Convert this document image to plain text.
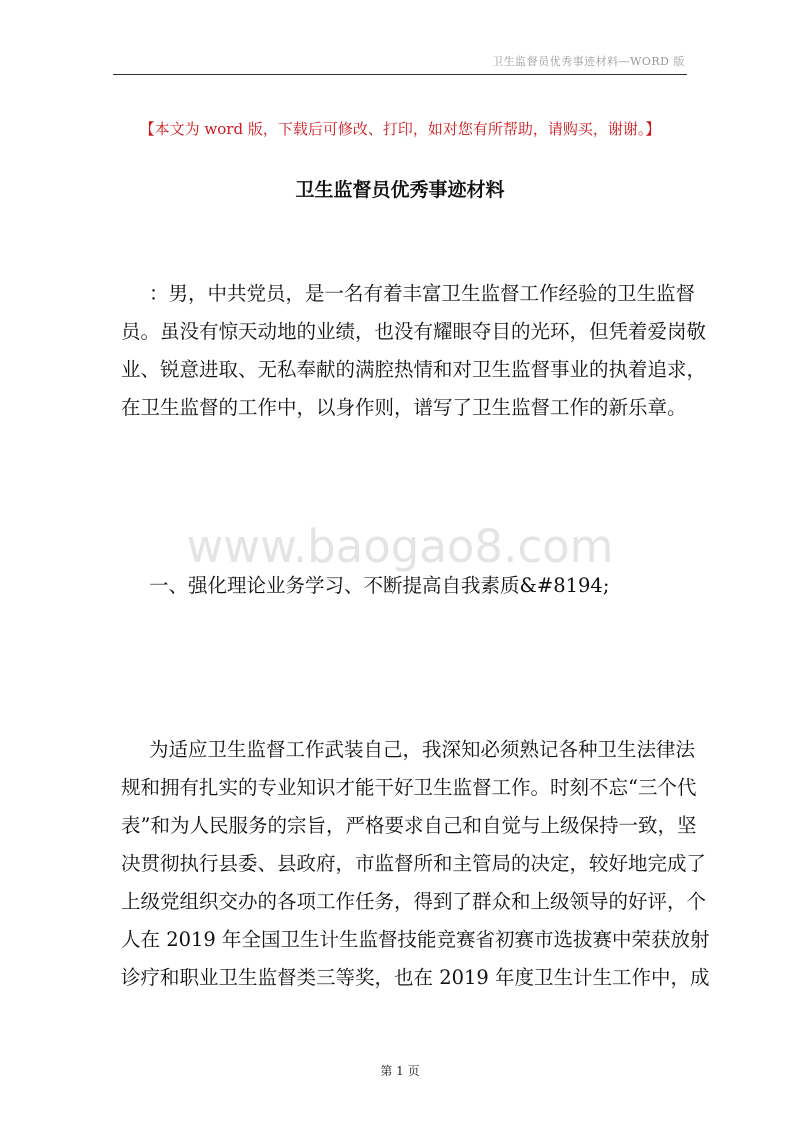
卫生监督员优秀事迹材料—WORD 版
【本文为 word 版，下载后可修改、打印，如对您有所帮助，请购买，谢谢。】
卫生监督员优秀事迹材料
：男，中共党员，是一名有着丰富卫生监督工作经验的卫生监督
员。虽没有惊天动地的业绩，也没有耀眼夺目的光环，但凭着爱岗敬
业、锐意进取、无私奉献的满腔热情和对卫生监督事业的执着追求，
在卫生监督的工作中，以身作则，谱写了卫生监督工作的新乐章。
www.baogao8.com
一、强化理论业务学习、不断提高自我素质&#8194;
为适应卫生监督工作武装自己，我深知必须熟记各种卫生法律法
规和拥有扎实的专业知识才能干好卫生监督工作。时刻不忘“三个代
表”和为人民服务的宗旨，严格要求自己和自觉与上级保持一致，坚
决贯彻执行县委、县政府，市监督所和主管局的决定，较好地完成了
上级党组织交办的各项工作任务，得到了群众和上级领导的好评，个
人在 2019 年全国卫生计生监督技能竞赛省初赛市选拔赛中荣获放射
诊疗和职业卫生监督类三等奖，也在 2019 年度卫生计生工作中，成
第 1 页
